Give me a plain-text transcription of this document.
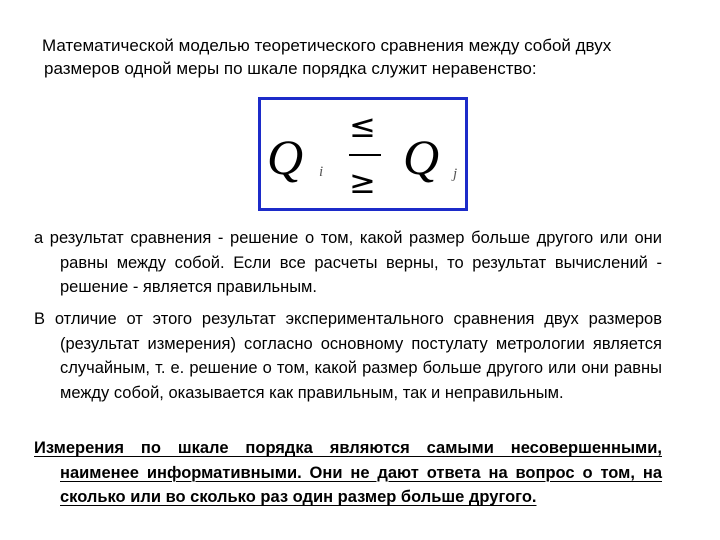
Математической моделью теоретического сравнения между собой двух
размеров одной меры по шкале порядка служит неравенство:
Q i
≤
≥ Q j

а результат сравнения - решение о том, какой размер больше другого или они равны между собой. Если все расчеты верны, то результат вычислений - решение - является правильным.

В отличие от этого результат экспериментального сравнения двух размеров (результат измерения) согласно основному постулату метрологии является случайным, т. е. решение о том, какой размер больше другого или они равны между собой, оказывается как правильным, так и неправильным.

Измерения по шкале порядка являются самыми несовершенными, наименее информативными. Они не дают ответа на вопрос о том, на сколько или во сколько раз один размер больше другого.
